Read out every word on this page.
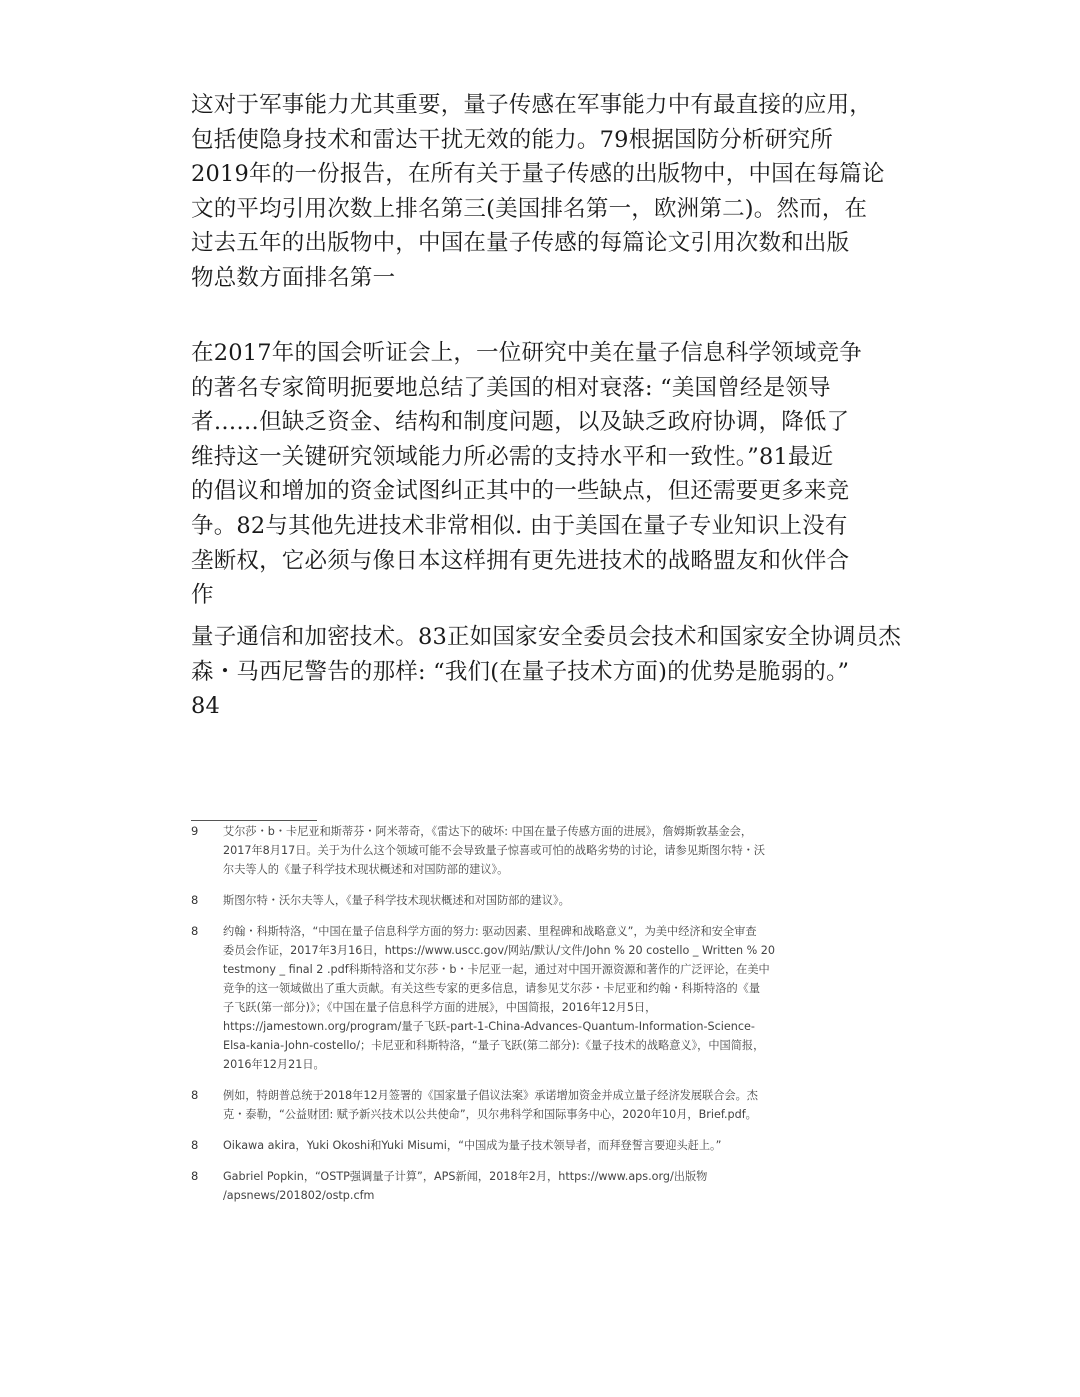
这对于军事能力尤其重要，量子传感在军事能力中有最直接的应用，
包括使隐身技术和雷达干扰无效的能力。79根据国防分析研究所
2019年的一份报告，在所有关于量子传感的出版物中，中国在每篇论
文的平均引用次数上排名第三(美国排名第一，欧洲第二)。然而，在
过去五年的出版物中，中国在量子传感的每篇论文引用次数和出版
物总数方面排名第一
在2017年的国会听证会上，一位研究中美在量子信息科学领域竞争
的著名专家简明扼要地总结了美国的相对衰落: “美国曾经是领导
者……但缺乏资金、结构和制度问题，以及缺乏政府协调，降低了
维持这一关键研究领域能力所必需的支持水平和一致性。”81最近
的倡议和增加的资金试图纠正其中的一些缺点，但还需要更多来竞
争。82与其他先进技术非常相似. 由于美国在量子专业知识上没有
垄断权，它必须与像日本这样拥有更先进技术的战略盟友和伙伴合
作
量子通信和加密技术。83正如国家安全委员会技术和国家安全协调员杰
森・马西尼警告的那样: “我们(在量子技术方面)的优势是脆弱的。”
84
9 艾尔莎・b・卡尼亚和斯蒂芬・阿米蒂奇，《雷达下的破坏: 中国在量子传感方面的进展》，詹姆斯敦基金会，
2017年8月17日。关于为什么这个领域可能不会导致量子惊喜或可怕的战略劣势的讨论，请参见斯图尔特・沃
尔夫等人的《量子科学技术现状概述和对国防部的建议》。
8 斯图尔特・沃尔夫等人，《量子科学技术现状概述和对国防部的建议》。
8 约翰・科斯特洛，“中国在量子信息科学方面的努力: 驱动因素、里程碑和战略意义”，为美中经济和安全审查
委员会作证，2017年3月16日，https://www.uscc.gov/网站/默认/文件/John % 20 costello _ Written % 20
testmony _ final 2 .pdf科斯特洛和艾尔莎・b・卡尼亚一起，通过对中国开源资源和著作的广泛评论，在美中
竞争的这一领域做出了重大贡献。有关这些专家的更多信息，请参见艾尔莎・卡尼亚和约翰・科斯特洛的《量
子飞跃(第一部分)》；《中国在量子信息科学方面的进展》，中国简报，2016年12月5日，
https://jamestown.org/program/量子飞跃-part-1-China-Advances-Quantum-Information-Science-
Elsa-kania-John-costello/；卡尼亚和科斯特洛，“量子飞跃(第二部分):《量子技术的战略意义》，中国简报，
2016年12月21日。
8 例如，特朗普总统于2018年12月签署的《国家量子倡议法案》承诺增加资金并成立量子经济发展联合会。杰
克・泰勒，“公益财团: 赋予新兴技术以公共使命”，贝尔弗科学和国际事务中心，2020年10月，Brief.pdf。
8 Oikawa akira，Yuki Okoshi和Yuki Misumi，“中国成为量子技术领导者，而拜登誓言要迎头赶上。”
8 Gabriel Popkin，“OSTP强调量子计算”，APS新闻，2018年2月，https://www.aps.org/出版物
/apsnews/201802/ostp.cfm
